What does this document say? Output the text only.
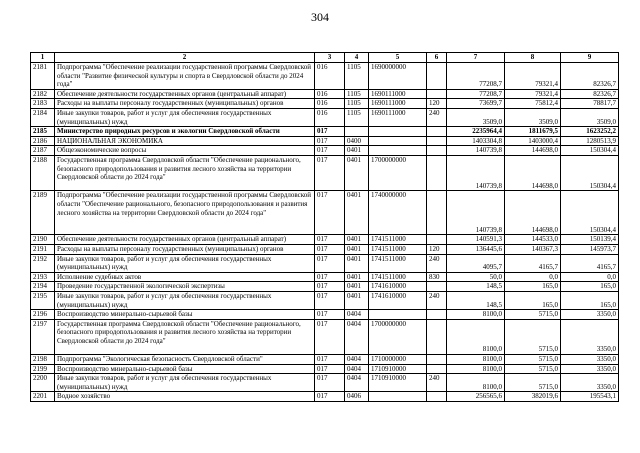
304
1	2	3	4	5	6	7	8	9
2181	Подпрограмма "Обеспечение реализации государственной программы Свердловской области "Развитие физической культуры и спорта в Свердловской области до 2024 года"	016	1105	1690000000		77208,7	79321,4	82326,7
2182	Обеспечение деятельности государственных органов (центральный аппарат)	016	1105	1690111000		77208,7	79321,4	82326,7
2183	Расходы на выплаты персоналу государственных (муниципальных) органов	016	1105	1690111000	120	73699,7	75812,4	78817,7
2184	Иные закупки товаров, работ и услуг для обеспечения государственных (муниципальных) нужд	016	1105	1690111000	240	3509,0	3509,0	3509,0
2185	Министерство природных ресурсов и экологии Свердловской области	017				2235964,4	1811679,5	1623252,2
2186	НАЦИОНАЛЬНАЯ ЭКОНОМИКА	017	0400			1403304,8	1403000,4	1280513,9
2187	Общеэкономические вопросы	017	0401			140739,8	144698,0	150304,4
2188	Государственная программа Свердловской области "Обеспечение рационального, безопасного природопользования и развития лесного хозяйства на территории Свердловской области до 2024 года"	017	0401	1700000000		140739,8	144698,0	150304,4
2189	Подпрограмма "Обеспечение реализации государственной программы Свердловской области "Обеспечение рационального, безопасного природопользования и развития лесного хозяйства на территории Свердловской области до 2024 года"	017	0401	1740000000		140739,8	144698,0	150304,4
2190	Обеспечение деятельности государственных органов (центральный аппарат)	017	0401	1741511000		140591,3	144533,0	150139,4
2191	Расходы на выплаты персоналу государственных (муниципальных) органов	017	0401	1741511000	120	136445,6	140367,3	145973,7
2192	Иные закупки товаров, работ и услуг для обеспечения государственных (муниципальных) нужд	017	0401	1741511000	240	4095,7	4165,7	4165,7
2193	Исполнение судебных актов	017	0401	1741511000	830	50,0	0,0	0,0
2194	Проведение государственной экологической экспертизы	017	0401	1741610000		148,5	165,0	165,0
2195	Иные закупки товаров, работ и услуг для обеспечения государственных (муниципальных) нужд	017	0401	1741610000	240	148,5	165,0	165,0
2196	Воспроизводство минерально-сырьевой базы	017	0404			8100,0	5715,0	3350,0
2197	Государственная программа Свердловской области "Обеспечение рационального, безопасного природопользования и развития лесного хозяйства на территории Свердловской области до 2024 года"	017	0404	1700000000		8100,0	5715,0	3350,0
2198	Подпрограмма "Экологическая безопасность Свердловской области"	017	0404	1710000000		8100,0	5715,0	3350,0
2199	Воспроизводство минерально-сырьевой базы	017	0404	1710910000		8100,0	5715,0	3350,0
2200	Иные закупки товаров, работ и услуг для обеспечения государственных (муниципальных) нужд	017	0404	1710910000	240	8100,0	5715,0	3350,0
2201	Водное хозяйство	017	0406			256565,6	382019,6	195543,1
